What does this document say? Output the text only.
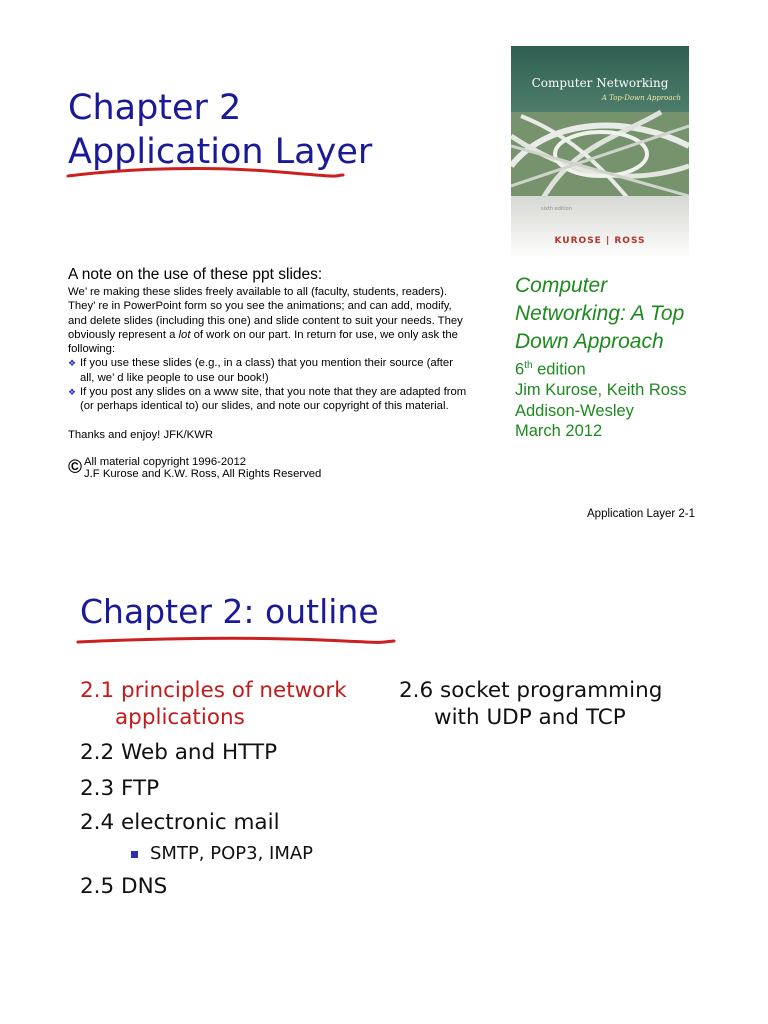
Chapter 2
Application Layer
Computer Networking
A Top-Down Approach
sixth edition
KUROSE | ROSS

A note on the use of these ppt slides:

We’ re making these slides freely available to all (faculty, students, readers). They’ re in PowerPoint form so you see the animations; and can add, modify, and delete slides (including this one) and slide content to suit your needs. They obviously represent a lot of work on our part. In return for use, we only ask the following:

❖ If you use these slides (e.g., in a class) that you mention their source (after all, we’ d like people to use our book!)
❖ If you post any slides on a www site, that you note that they are adapted from (or perhaps identical to) our slides, and note our copyright of this material.
Thanks and enjoy! JFK/KWR
© All material copyright 1996-2012
J.F Kurose and K.W. Ross, All Rights Reserved
Computer
Networking: A Top
Down Approach
6th edition
Jim Kurose, Keith Ross
Addison-Wesley
March 2012
Application Layer 2-1
Chapter 2: outline
2.1 principles of network
applications
2.2 Web and HTTP
2.3 FTP
2.4 electronic mail
SMTP, POP3, IMAP
2.5 DNS
2.6 socket programming
with UDP and TCP
